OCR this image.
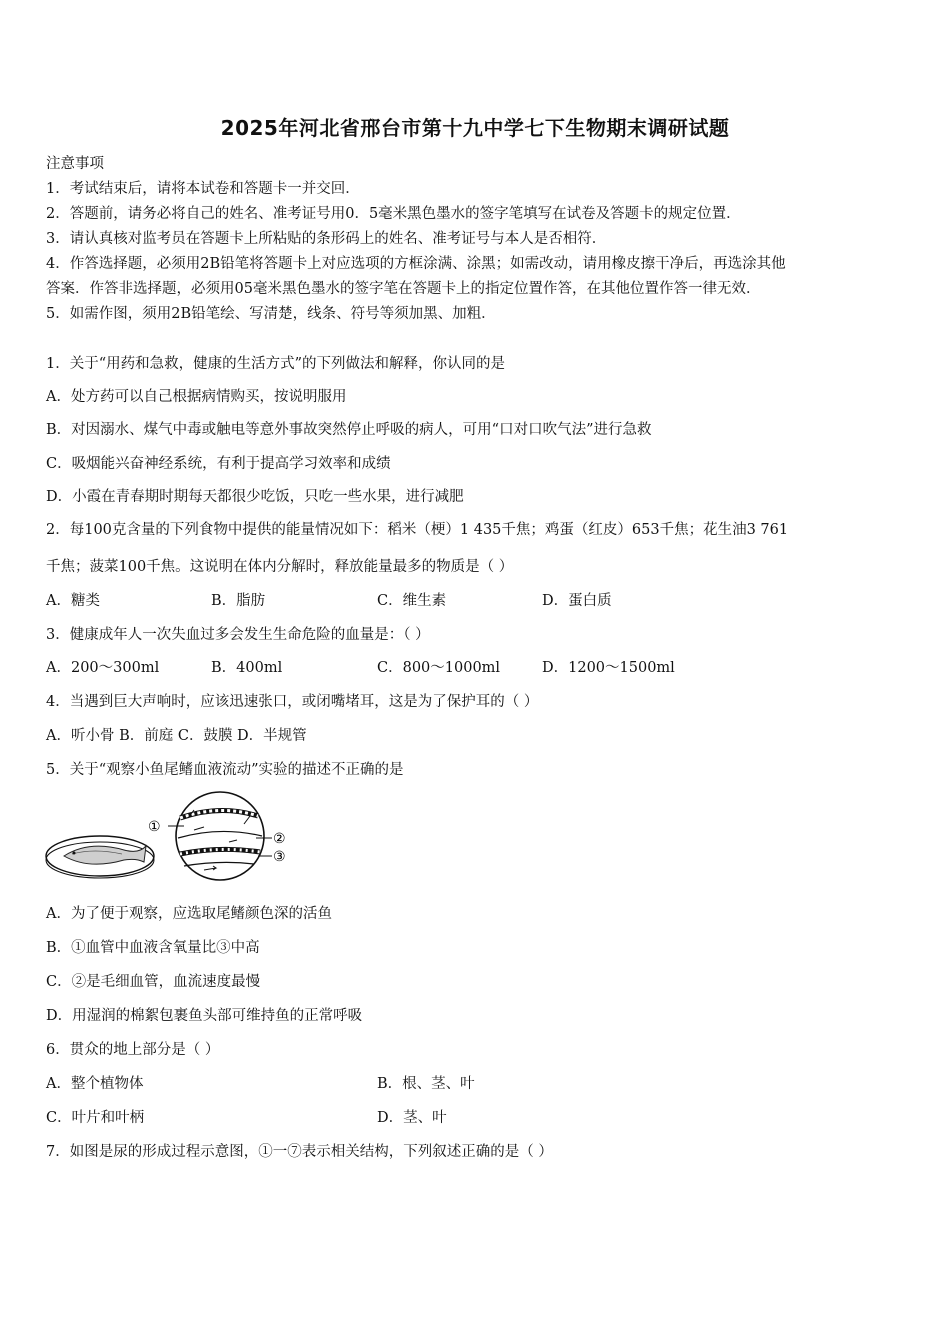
2025年河北省邢台市第十九中学七下生物期末调研试题
注意事项
1．考试结束后，请将本试卷和答题卡一并交回．
2．答题前，请务必将自己的姓名、准考证号用0．5毫米黑色墨水的签字笔填写在试卷及答题卡的规定位置．
3．请认真核对监考员在答题卡上所粘贴的条形码上的姓名、准考证号与本人是否相符．
4．作答选择题，必须用2B铅笔将答题卡上对应选项的方框涂满、涂黑；如需改动，请用橡皮擦干净后，再选涂其他
答案．作答非选择题，必须用05毫米黑色墨水的签字笔在答题卡上的指定位置作答，在其他位置作答一律无效．
5．如需作图，须用2B铅笔绘、写清楚，线条、符号等须加黑、加粗．
1．关于“用药和急救，健康的生活方式”的下列做法和解释，你认同的是
A．处方药可以自己根据病情购买，按说明服用
B．对因溺水、煤气中毒或触电等意外事故突然停止呼吸的病人，可用“口对口吹气法”进行急救
C．吸烟能兴奋神经系统，有利于提高学习效率和成绩
D．小霞在青春期时期每天都很少吃饭，只吃一些水果，进行减肥
2．每100克含量的下列食物中提供的能量情况如下：稻米（梗）1 435千焦；鸡蛋（红皮）653千焦；花生油3 761
千焦；菠菜100千焦。这说明在体内分解时，释放能量最多的物质是（ ）
A．糖类	B．脂肪	C．维生素	D．蛋白质
3．健康成年人一次失血过多会发生生命危险的血量是：（ ）
A．200～300ml	B．400ml	C．800～1000ml	D．1200～1500ml
4．当遇到巨大声响时，应该迅速张口，或闭嘴堵耳，这是为了保护耳的（ ）
A．听小骨 B．前庭 C．鼓膜 D．半规管
5．关于“观察小鱼尾鳍血液流动”实验的描述不正确的是
①
②
③
A．为了便于观察，应选取尾鳍颜色深的活鱼
B．①血管中血液含氧量比③中高
C．②是毛细血管，血流速度最慢
D．用湿润的棉絮包裹鱼头部可维持鱼的正常呼吸
6．贯众的地上部分是（ ）
A．整个植物体	B．根、茎、叶
C．叶片和叶柄	D．茎、叶
7．如图是尿的形成过程示意图，①一⑦表示相关结构，下列叙述正确的是（ ）
